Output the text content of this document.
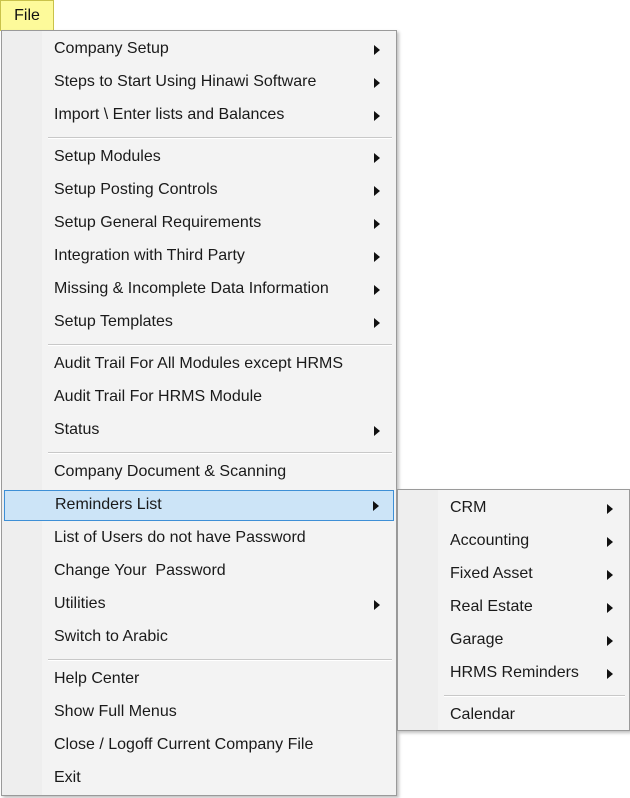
File
Company Setup
Steps to Start Using Hinawi Software
Import \ Enter lists and Balances
Setup Modules
Setup Posting Controls
Setup General Requirements
Integration with Third Party
Missing & Incomplete Data Information
Setup Templates
Audit Trail For All Modules except HRMS
Audit Trail For HRMS Module
Status
Company Document & Scanning
Reminders List
List of Users do not have Password
Change Your  Password
Utilities
Switch to Arabic
Help Center
Show Full Menus
Close / Logoff Current Company File
Exit
CRM
Accounting
Fixed Asset
Real Estate
Garage
HRMS Reminders
Calendar
